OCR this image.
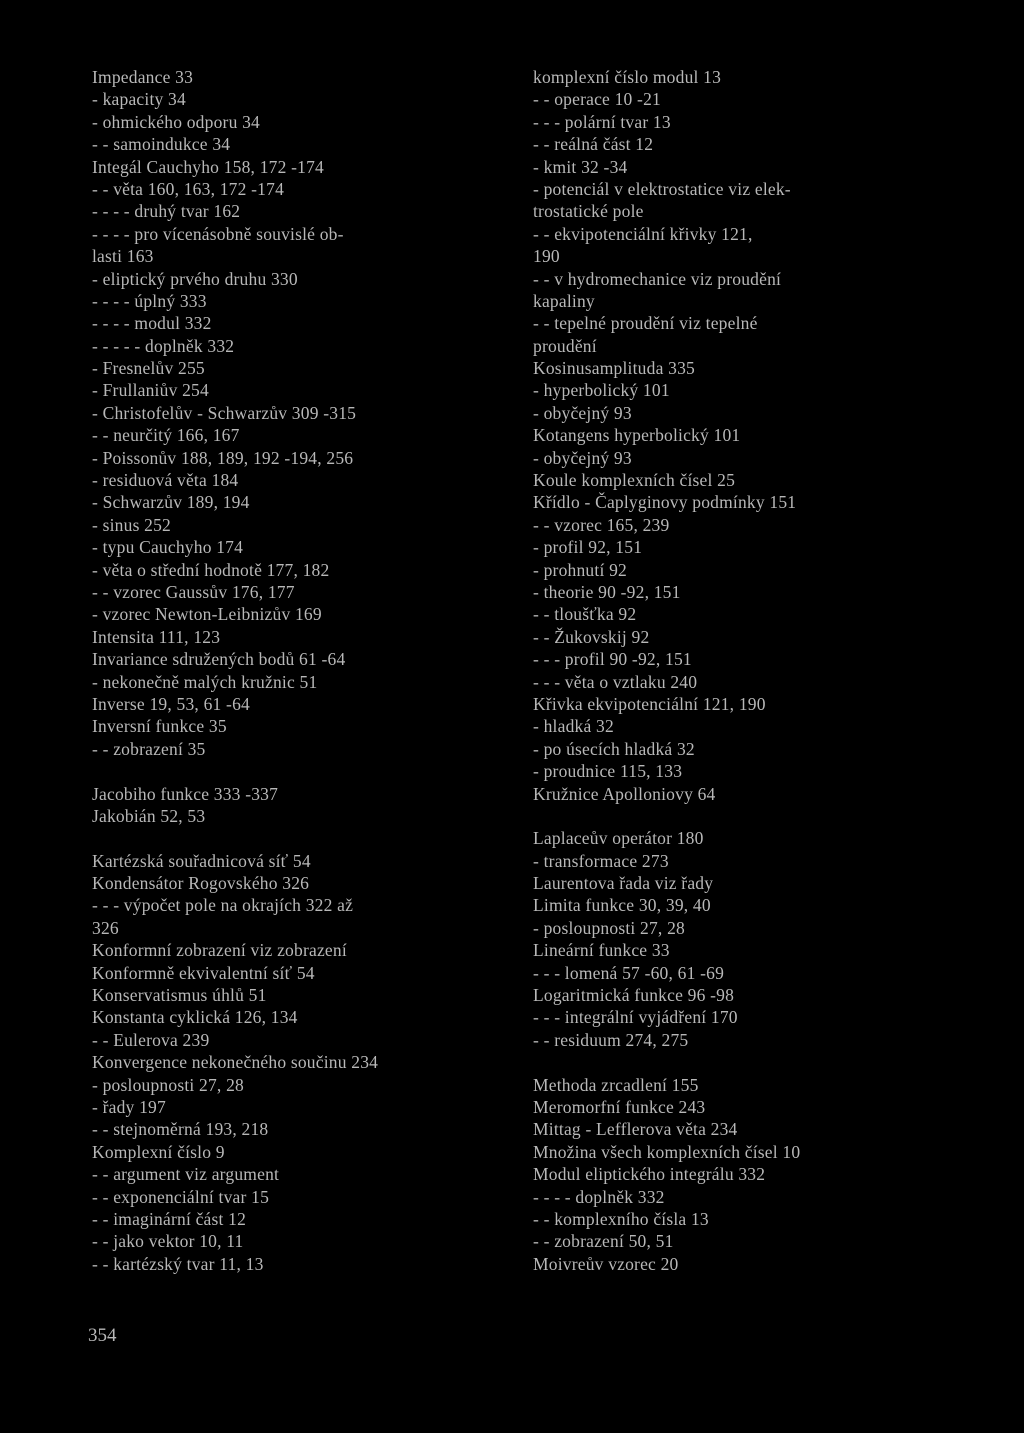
Impedance 33
- kapacity 34
- ohmického odporu 34
- - samoindukce 34
Integál Cauchyho 158, 172 -174
- - věta 160, 163, 172 -174
- - - - druhý tvar 162
- - - - pro vícenásobně souvislé ob-
lasti 163
- eliptický prvého druhu 330
- - - - úplný 333
- - - - modul 332
- - - - - doplněk 332
- Fresnelův 255
- Frullaniův 254
- Christofelův - Schwarzův 309 -315
- - neurčitý 166, 167
- Poissonův 188, 189, 192 -194, 256
- residuová věta 184
- Schwarzův 189, 194
- sinus 252
- typu Cauchyho 174
- věta o střední hodnotě 177, 182
- - vzorec Gaussův 176, 177
- vzorec Newton-Leibnizův 169
Intensita 111, 123
Invariance sdružených bodů 61 -64
- nekonečně malých kružnic 51
Inverse 19, 53, 61 -64
Inversní funkce 35
- - zobrazení 35
Jacobiho funkce 333 -337
Jakobián 52, 53
Kartézská souřadnicová síť 54
Kondensátor Rogovského 326
- - - výpočet pole na okrajích 322 až
326
Konformní zobrazení viz zobrazení
Konformně ekvivalentní síť 54
Konservatismus úhlů 51
Konstanta cyklická 126, 134
- - Eulerova 239
Konvergence nekonečného součinu 234
- posloupnosti 27, 28
- řady 197
- - stejnoměrná 193, 218
Komplexní číslo 9
- - argument viz argument
- - exponenciální tvar 15
- - imaginární část 12
- - jako vektor 10, 11
- - kartézský tvar 11, 13
komplexní číslo modul 13
- - operace 10 -21
- - - polární tvar 13
- - reálná část 12
- kmit 32 -34
- potenciál v elektrostatice viz elek-
trostatické pole
- - ekvipotenciální křivky 121,
190
- - v hydromechanice viz proudění
kapaliny
- - tepelné proudění viz tepelné
proudění
Kosinusamplituda 335
- hyperbolický 101
- obyčejný 93
Kotangens hyperbolický 101
- obyčejný 93
Koule komplexních čísel 25
Křídlo - Čaplyginovy podmínky 151
- - vzorec 165, 239
- profil 92, 151
- prohnutí 92
- theorie 90 -92, 151
- - tloušťka 92
- - Žukovskij 92
- - - profil 90 -92, 151
- - - věta o vztlaku 240
Křivka ekvipotenciální 121, 190
- hladká 32
- po úsecích hladká 32
- proudnice 115, 133
Kružnice Apolloniovy 64
Laplaceův operátor 180
- transformace 273
Laurentova řada viz řady
Limita funkce 30, 39, 40
- posloupnosti 27, 28
Lineární funkce 33
- - - lomená 57 -60, 61 -69
Logaritmická funkce 96 -98
- - - integrální vyjádření 170
- - residuum 274, 275
Methoda zrcadlení 155
Meromorfní funkce 243
Mittag - Lefflerova věta 234
Množina všech komplexních čísel 10
Modul eliptického integrálu 332
- - - - doplněk 332
- - komplexního čísla 13
- - zobrazení 50, 51
Moivreův vzorec 20
354
